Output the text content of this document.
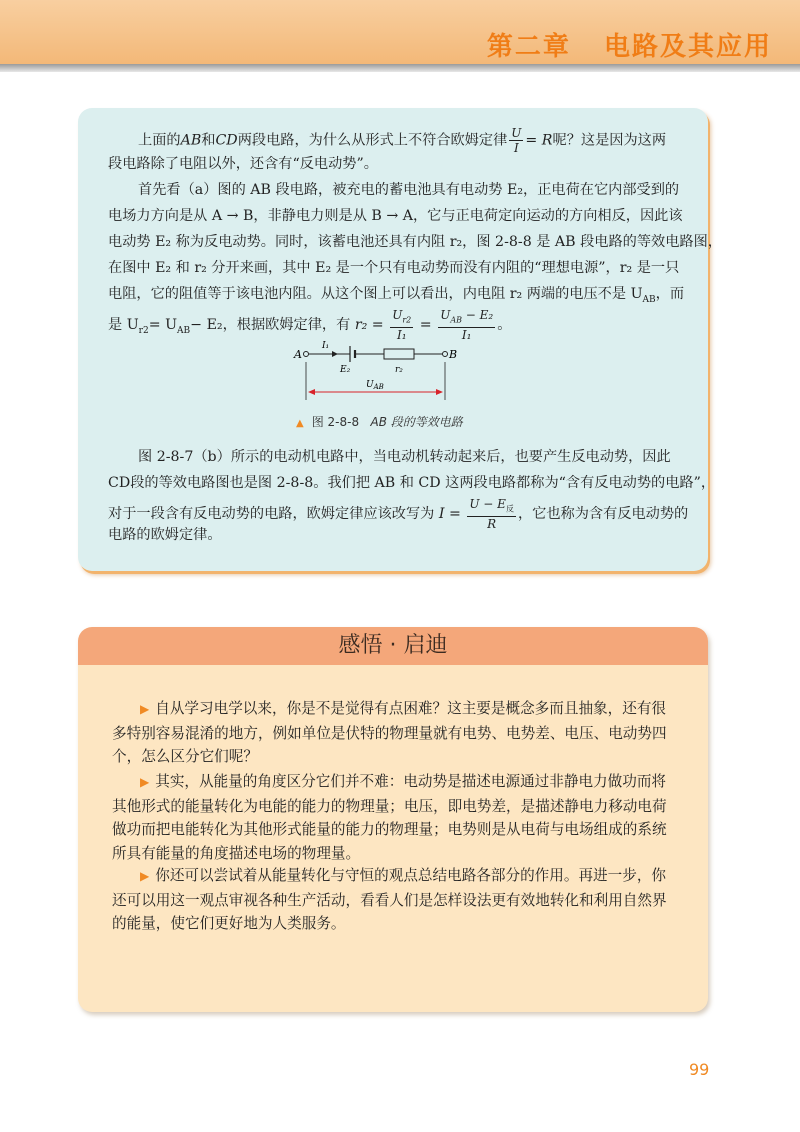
第二章   电路及其应用

上面的AB和CD两段电路，为什么从形式上不符合欧姆定律 $\frac{U}{I} = R$呢？这是因为这两

段电路除了电阻以外，还含有“反电动势”。

首先看（a）图的 AB 段电路，被充电的蓄电池具有电动势 E₂，正电荷在它内部受到的

电场力方向是从 A → B，非静电力则是从 B → A，它与正电荷定向运动的方向相反，因此该

电动势 E₂ 称为反电动势。同时，该蓄电池还具有内阻 r₂，图 2-8-8 是 AB 段电路的等效电路图，

在图中 E₂ 和 r₂ 分开来画，其中 E₂ 是一个只有电动势而没有内阻的“理想电源”，r₂ 是一只

电阻，它的阻值等于该电池内阻。从这个图上可以看出，内电阻 r₂ 两端的电压不是 $U_{AB}$，而

是 $U_{r2}= U_{AB}- E_2$，根据欧姆定律，有 $r_2 = \frac{U_{r2}}{\text{I₁}} = \frac{U_{AB} - E_2}{\text{I₁}}$ 。

A
I₁
E₂	r₂
B
$U_{AB}$
▲ 图 2-8-8 AB 段的等效电路

图 2-8-7（b）所示的电动机电路中，当电动机转动起来后，也要产生反电动势，因此

CD段的等效电路图也是图 2-8-8。我们把 AB 和 CD 这两段电路都称为“含有反电动势的电路”，

对于一段含有反电动势的电路，欧姆定律应该改写为 $I = \frac{U - E_反}{R}$ ，它也称为含有反电动势的

电路的欧姆定律。

感悟 · 启迪

▶ 自从学习电学以来，你是不是觉得有点困难？这主要是概念多而且抽象，还有很多特别容易混淆的地方，例如单位是伏特的物理量就有电势、电势差、电压、电动势四个，怎么区分它们呢？

▶ 其实，从能量的角度区分它们并不难：电动势是描述电源通过非静电力做功而将其他形式的能量转化为电能的能力的物理量；电压，即电势差，是描述静电力移动电荷做功而把电能转化为其他形式能量的能力的物理量；电势则是从电荷与电场组成的系统所具有能量的角度描述电场的物理量。

▶ 你还可以尝试着从能量转化与守恒的观点总结电路各部分的作用。再进一步，你还可以用这一观点审视各种生产活动，看看人们是怎样设法更有效地转化和利用自然界的能量，使它们更好地为人类服务。

99
